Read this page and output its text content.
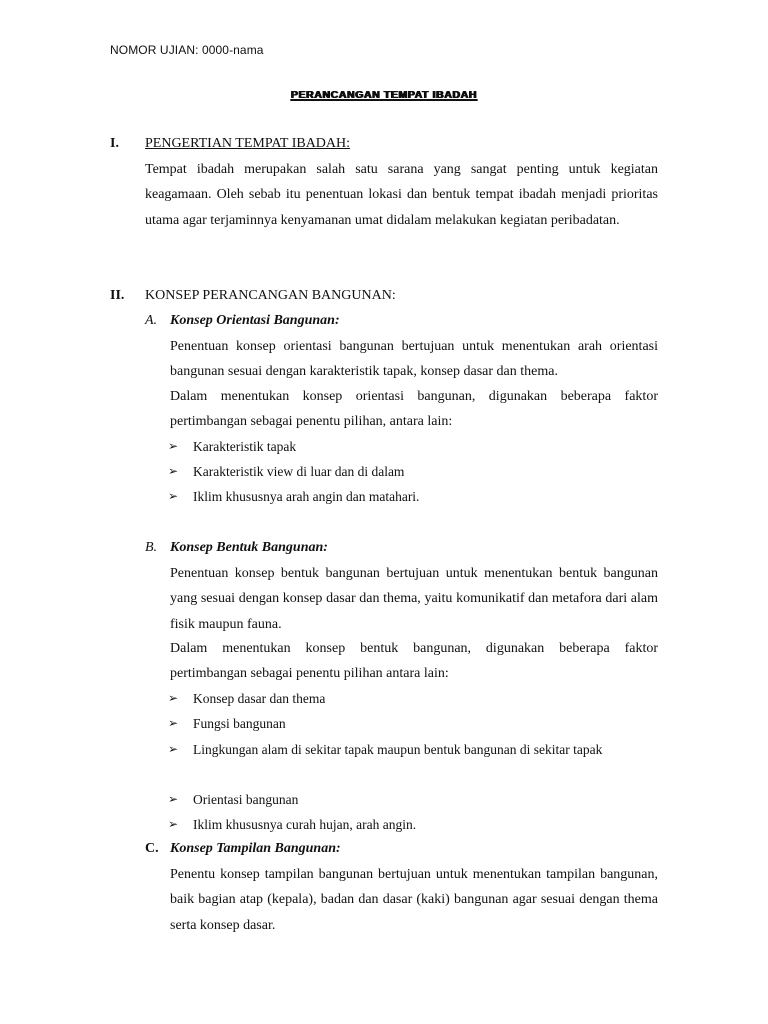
NOMOR UJIAN: 0000-nama
PERANCANGAN TEMPAT IBADAH
I. PENGERTIAN TEMPAT IBADAH:
Tempat ibadah merupakan salah satu sarana yang sangat penting untuk kegiatan keagamaan. Oleh sebab itu penentuan lokasi dan bentuk tempat ibadah menjadi prioritas utama agar terjaminnya kenyamanan umat didalam melakukan kegiatan peribadatan.
II. KONSEP PERANCANGAN BANGUNAN:
A. Konsep Orientasi Bangunan:
Penentuan konsep orientasi bangunan bertujuan untuk menentukan arah orientasi bangunan sesuai dengan karakteristik tapak, konsep dasar dan thema.
Dalam menentukan konsep orientasi bangunan, digunakan beberapa faktor pertimbangan sebagai penentu pilihan, antara lain:
➢ Karakteristik tapak
➢ Karakteristik view di luar dan di dalam
➢ Iklim khususnya arah angin dan matahari.
B. Konsep Bentuk Bangunan:
Penentuan konsep bentuk bangunan bertujuan untuk menentukan bentuk bangunan yang sesuai dengan konsep dasar dan thema, yaitu komunikatif dan metafora dari alam fisik maupun fauna.
Dalam menentukan konsep bentuk bangunan, digunakan beberapa faktor pertimbangan sebagai penentu pilihan antara lain:
➢ Konsep dasar dan thema
➢ Fungsi bangunan
➢ Lingkungan alam di sekitar tapak maupun bentuk bangunan di sekitar tapak
➢ Orientasi bangunan
➢ Iklim khususnya curah hujan, arah angin.
C. Konsep Tampilan Bangunan:
Penentu konsep tampilan bangunan bertujuan untuk menentukan tampilan bangunan, baik bagian atap (kepala), badan dan dasar (kaki) bangunan agar sesuai dengan thema serta konsep dasar.
